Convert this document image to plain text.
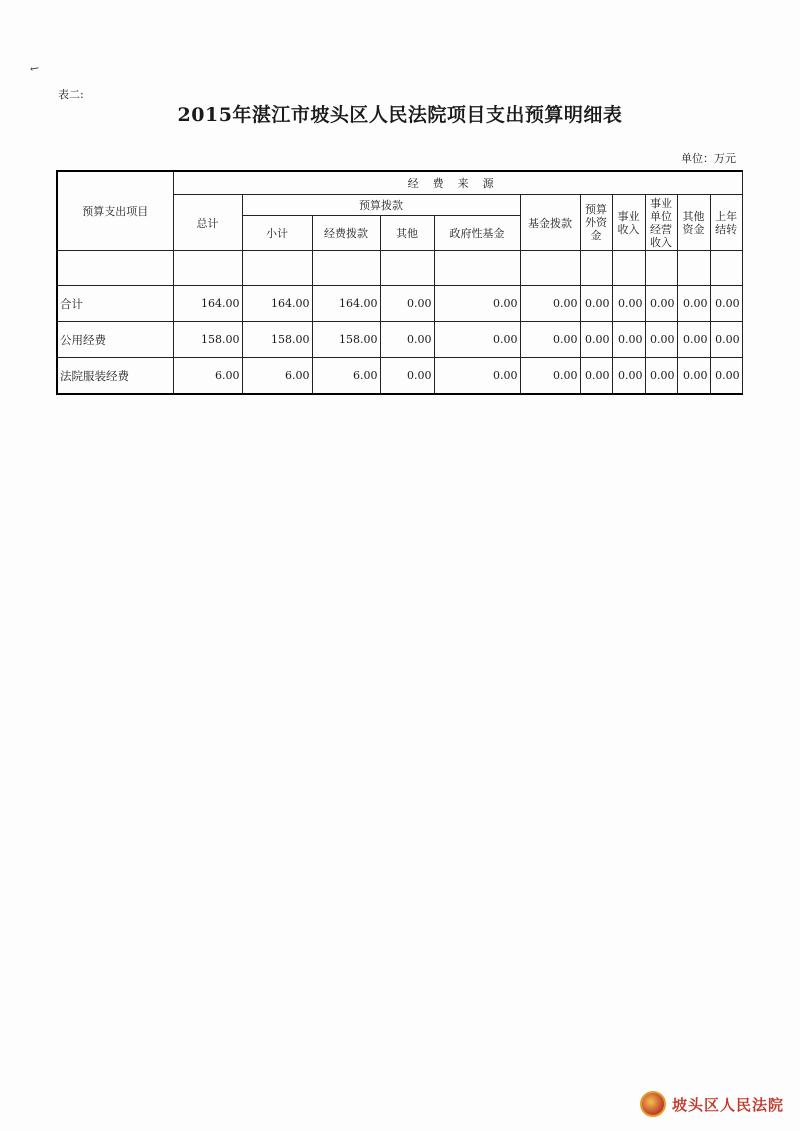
←
表二:
2015年湛江市坡头区人民法院项目支出预算明细表
单位：万元
预算支出项目	经费来源										
	总计	预算拨款				基金拨款	预算外资金	事业收入	事业单位经营收入	其他资金	上年结转
		小计	经费拨款	其他	政府性基金						

合计	164.00	164.00	164.00	0.00	0.00	0.00	0.00	0.00	0.00	0.00	0.00
公用经费	158.00	158.00	158.00	0.00	0.00	0.00	0.00	0.00	0.00	0.00	0.00
法院服装经费	6.00	6.00	6.00	0.00	0.00	0.00	0.00	0.00	0.00	0.00	0.00
坡头区人民法院
